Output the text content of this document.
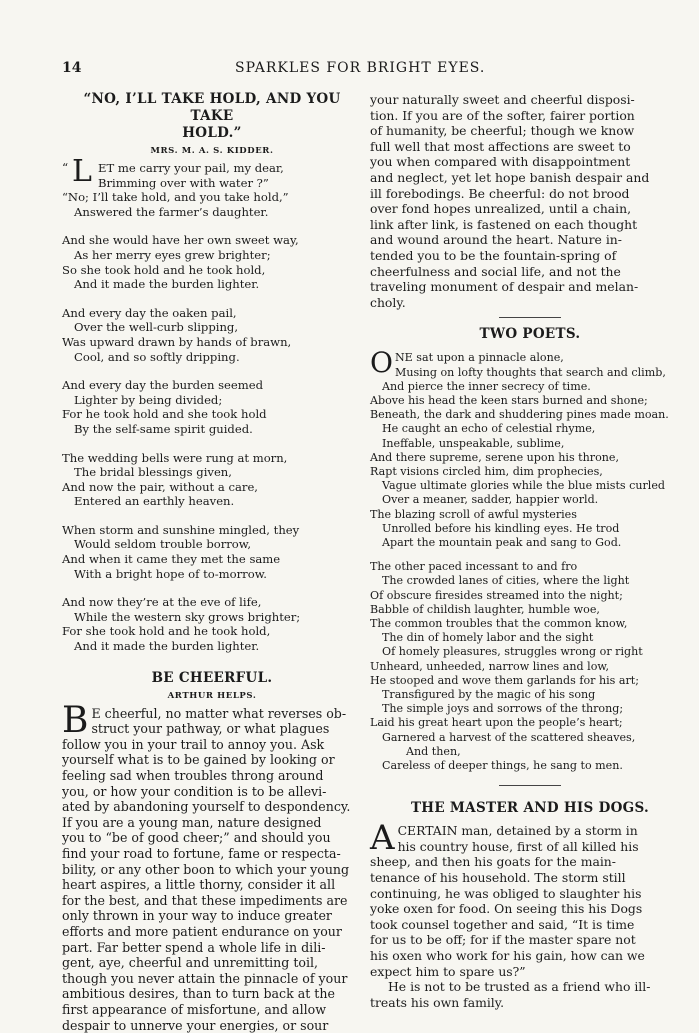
14	SPARKLES FOR BRIGHT EYES.
“NO, I’LL TAKE HOLD, AND YOU TAKE
HOLD.”
MRS. M. A. S. KIDDER.
“ L ET me carry your pail, my dear,
Brimming over with water ?”
“No; I’ll take hold, and you take hold,”
Answered the farmer’s daughter.
And she would have her own sweet way,
As her merry eyes grew brighter;
So she took hold and he took hold,
And it made the burden lighter.
And every day the oaken pail,
Over the well-curb slipping,
Was upward drawn by hands of brawn,
Cool, and so softly dripping.
And every day the burden seemed
Lighter by being divided;
For he took hold and she took hold
By the self-same spirit guided.
The wedding bells were rung at morn,
The bridal blessings given,
And now the pair, without a care,
Entered an earthly heaven.
When storm and sunshine mingled, they
Would seldom trouble borrow,
And when it came they met the same
With a bright hope of to-morrow.
And now they’re at the eve of life,
While the western sky grows brighter;
For she took hold and he took hold,
And it made the burden lighter.
BE CHEERFUL.
ARTHUR HELPS.
B E cheerful, no matter what reverses ob-
struct your pathway, or what plagues
follow you in your trail to annoy you. Ask
yourself what is to be gained by looking or
feeling sad when troubles throng around
you, or how your condition is to be allevi-
ated by abandoning yourself to despondency.
If you are a young man, nature designed
you to “be of good cheer;” and should you
find your road to fortune, fame or respecta-
bility, or any other boon to which your young
heart aspires, a little thorny, consider it all
for the best, and that these impediments are
only thrown in your way to induce greater
efforts and more patient endurance on your
part. Far better spend a whole life in dili-
gent, aye, cheerful and unremitting toil,
though you never attain the pinnacle of your
ambitious desires, than to turn back at the
first appearance of misfortune, and allow
despair to unnerve your energies, or sour
your naturally sweet and cheerful disposi-
tion. If you are of the softer, fairer portion
of humanity, be cheerful; though we know
full well that most affections are sweet to
you when compared with disappointment
and neglect, yet let hope banish despair and
ill forebodings. Be cheerful: do not brood
over fond hopes unrealized, until a chain,
link after link, is fastened on each thought
and wound around the heart. Nature in-
tended you to be the fountain-spring of
cheerfulness and social life, and not the
traveling monument of despair and melan-
choly.
TWO POETS.
O NE sat upon a pinnacle alone,
Musing on lofty thoughts that search and climb,
And pierce the inner secrecy of time.
Above his head the keen stars burned and shone;
Beneath, the dark and shuddering pines made moan.
He caught an echo of celestial rhyme,
Ineffable, unspeakable, sublime,
And there supreme, serene upon his throne,
Rapt visions circled him, dim prophecies,
Vague ultimate glories while the blue mists curled
Over a meaner, sadder, happier world.
The blazing scroll of awful mysteries
Unrolled before his kindling eyes. He trod
Apart the mountain peak and sang to God.
The other paced incessant to and fro
The crowded lanes of cities, where the light
Of obscure firesides streamed into the night;
Babble of childish laughter, humble woe,
The common troubles that the common know,
The din of homely labor and the sight
Of homely pleasures, struggles wrong or right
Unheard, unheeded, narrow lines and low,
He stooped and wove them garlands for his art;
Transfigured by the magic of his song
The simple joys and sorrows of the throng;
Laid his great heart upon the people’s heart;
Garnered a harvest of the scattered sheaves,
And then,
Careless of deeper things, he sang to men.
THE MASTER AND HIS DOGS.
A CERTAIN man, detained by a storm in
his country house, first of all killed his
sheep, and then his goats for the main-
tenance of his household. The storm still
continuing, he was obliged to slaughter his
yoke oxen for food. On seeing this his Dogs
took counsel together and said, “It is time
for us to be off; for if the master spare not
his oxen who work for his gain, how can we
expect him to spare us?”
He is not to be trusted as a friend who ill-
treats his own family.
